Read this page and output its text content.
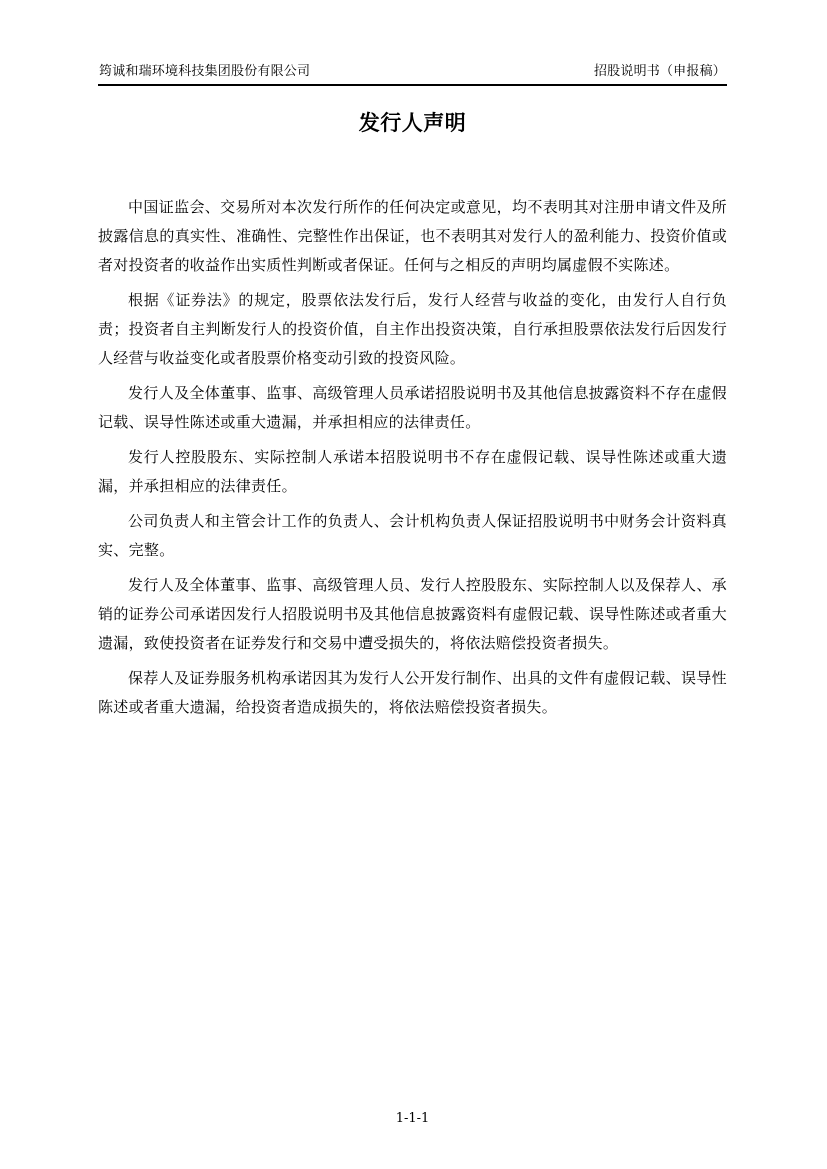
筠诚和瑞环境科技集团股份有限公司	招股说明书（申报稿）
发行人声明

中国证监会、交易所对本次发行所作的任何决定或意见，均不表明其对注册申请文件及所披露信息的真实性、准确性、完整性作出保证，也不表明其对发行人的盈利能力、投资价值或者对投资者的收益作出实质性判断或者保证。任何与之相反的声明均属虚假不实陈述。

根据《证券法》的规定，股票依法发行后，发行人经营与收益的变化，由发行人自行负责；投资者自主判断发行人的投资价值，自主作出投资决策，自行承担股票依法发行后因发行人经营与收益变化或者股票价格变动引致的投资风险。

发行人及全体董事、监事、高级管理人员承诺招股说明书及其他信息披露资料不存在虚假记载、误导性陈述或重大遗漏，并承担相应的法律责任。

发行人控股股东、实际控制人承诺本招股说明书不存在虚假记载、误导性陈述或重大遗漏，并承担相应的法律责任。

公司负责人和主管会计工作的负责人、会计机构负责人保证招股说明书中财务会计资料真实、完整。

发行人及全体董事、监事、高级管理人员、发行人控股股东、实际控制人以及保荐人、承销的证券公司承诺因发行人招股说明书及其他信息披露资料有虚假记载、误导性陈述或者重大遗漏，致使投资者在证券发行和交易中遭受损失的，将依法赔偿投资者损失。

保荐人及证券服务机构承诺因其为发行人公开发行制作、出具的文件有虚假记载、误导性陈述或者重大遗漏，给投资者造成损失的，将依法赔偿投资者损失。

1-1-1
